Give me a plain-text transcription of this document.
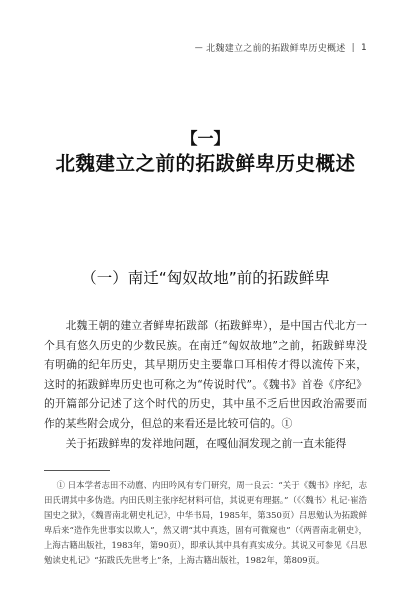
— 北魏建立之前的拓跋鲜卑历史概述 | 1
【一】
北魏建立之前的拓跋鲜卑历史概述
（一）南迁“匈奴故地”前的拓跋鲜卑

北魏王朝的建立者鲜卑拓跋部（拓跋鲜卑），是中国古代北方一个具有悠久历史的少数民族。在南迁“匈奴故地”之前，拓跋鲜卑没有明确的纪年历史，其早期历史主要靠口耳相传才得以流传下来，这时的拓跋鲜卑历史也可称之为“传说时代”。《魏书》首卷《序纪》的开篇部分记述了这个时代的历史，其中虽不乏后世因政治需要而作的某些附会成分，但总的来看还是比较可信的。①

关于拓跋鲜卑的发祥地问题，在嘎仙洞发现之前一直未能得

① 日本学者志田不动麿、内田吟风有专门研究，周一良云：“关于《魏书》序纪，志田氏谓其中多伪造。内田氏则主张序纪材料可信，其说更有理据。”（《〈魏书〉札记·崔浩国史之狱》，《魏晋南北朝史札记》，中华书局，1985年，第350页）吕思勉认为拓跋鲜卑后来“造作先世事实以欺人”，然又谓“其中真迭，固有可微窥也”（《两晋南北朝史》，上海古籍出版社，1983年，第90页），即承认其中具有真实成分。其说又可参见《吕思勉读史札记》“拓跋氏先世考上”条，上海古籍出版社，1982年，第809页。
